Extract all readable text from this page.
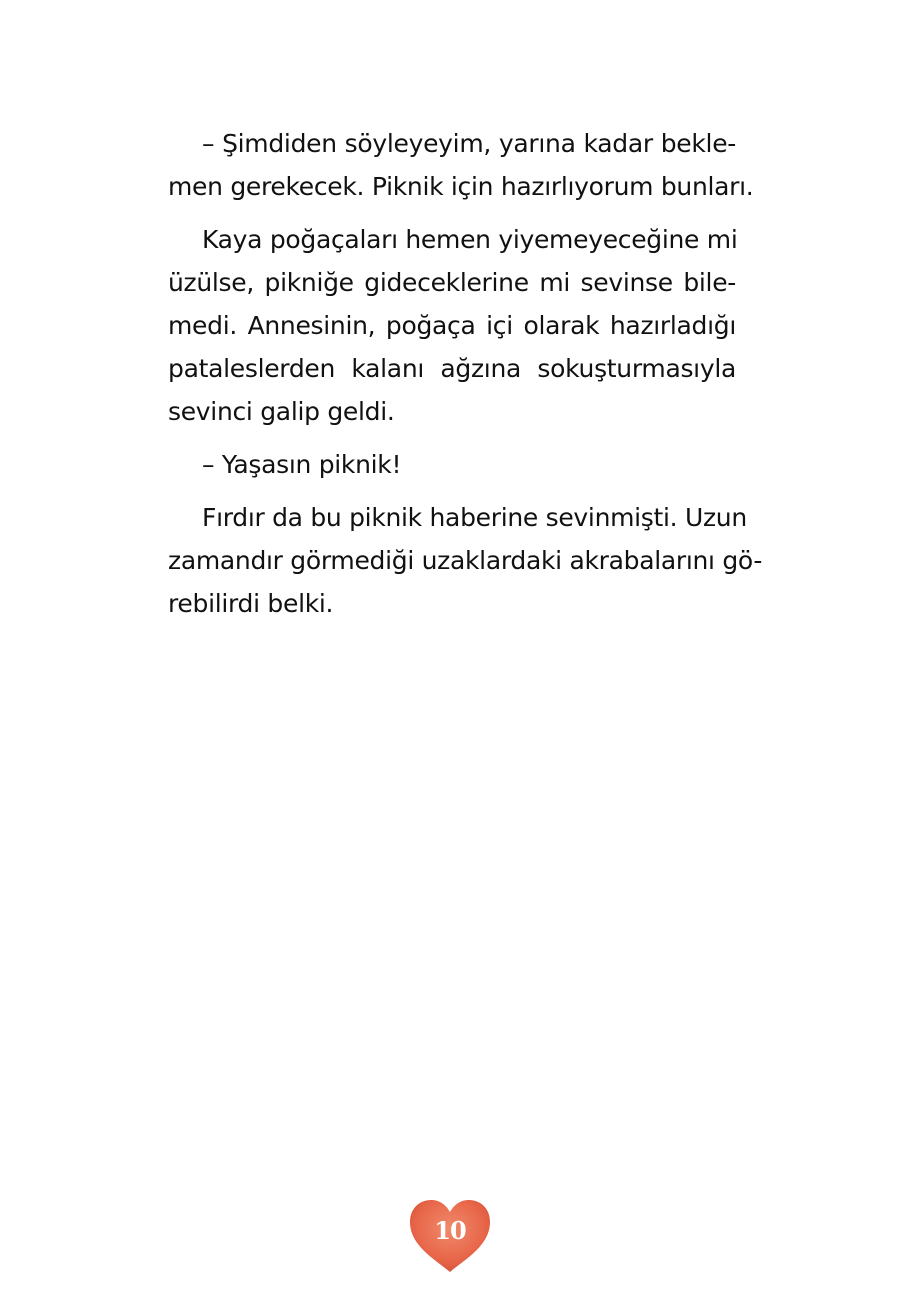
– Şimdiden söyleyeyim, yarına kadar bekle-
men gerekecek. Piknik için hazırlıyorum bunları.
Kaya poğaçaları hemen yiyemeyeceğine mi
üzülse, pikniğe gideceklerine mi sevinse bile-
medi. Annesinin, poğaça içi olarak hazırladığı
pataleslerden kalanı ağzına sokuşturmasıyla
sevinci galip geldi.
– Yaşasın piknik!
Fırdır da bu piknik haberine sevinmişti. Uzun
zamandır görmediği uzaklardaki akrabalarını gö-
rebilirdi belki.
10
